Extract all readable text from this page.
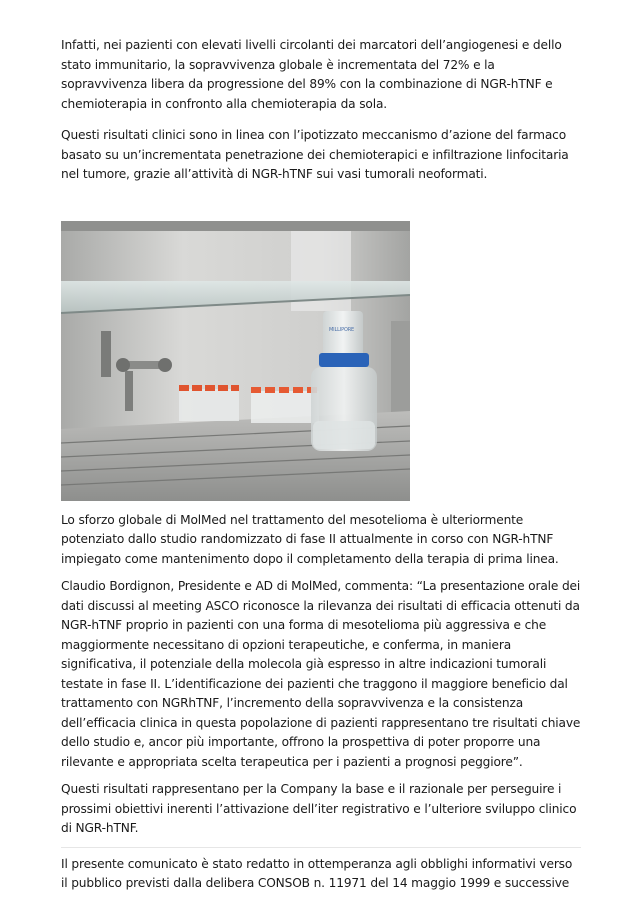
Infatti, nei pazienti con elevati livelli circolanti dei marcatori dell’angiogenesi e dello stato immunitario, la sopravvivenza globale è incrementata del 72% e la sopravvivenza libera da progressione del 89% con la combinazione di NGR-hTNF e chemioterapia in confronto alla chemioterapia da sola.

Questi risultati clinici sono in linea con l’ipotizzato meccanismo d’azione del farmaco basato su un’incrementata penetrazione dei chemioterapici e infiltrazione linfocitaria nel tumore, grazie all’attività di NGR-hTNF sui vasi tumorali neoformati.

MILLIPORE

Lo sforzo globale di MolMed nel trattamento del mesotelioma è ulteriormente potenziato dallo studio randomizzato di fase II attualmente in corso con NGR-hTNF impiegato come mantenimento dopo il completamento della terapia di prima linea.

Claudio Bordignon, Presidente e AD di MolMed, commenta: “La presentazione orale dei dati discussi al meeting ASCO riconosce la rilevanza dei risultati di efficacia ottenuti da NGR-hTNF proprio in pazienti con una forma di mesotelioma più aggressiva e che maggiormente necessitano di opzioni terapeutiche, e conferma, in maniera significativa, il potenziale della molecola già espresso in altre indicazioni tumorali testate in fase II. L’identificazione dei pazienti che traggono il maggiore beneficio dal trattamento con NGRhTNF, l’incremento della sopravvivenza e la consistenza dell’efficacia clinica in questa popolazione di pazienti rappresentano tre risultati chiave dello studio e, ancor più importante, offrono la prospettiva di poter proporre una rilevante e appropriata scelta terapeutica per i pazienti a prognosi peggiore”.

Questi risultati rappresentano per la Company la base e il razionale per perseguire i prossimi obiettivi inerenti l’attivazione dell’iter registrativo e l’ulteriore sviluppo clinico di NGR-hTNF.

Il presente comunicato è stato redatto in ottemperanza agli obblighi informativi verso il pubblico previsti dalla delibera CONSOB n. 11971 del 14 maggio 1999 e successive
